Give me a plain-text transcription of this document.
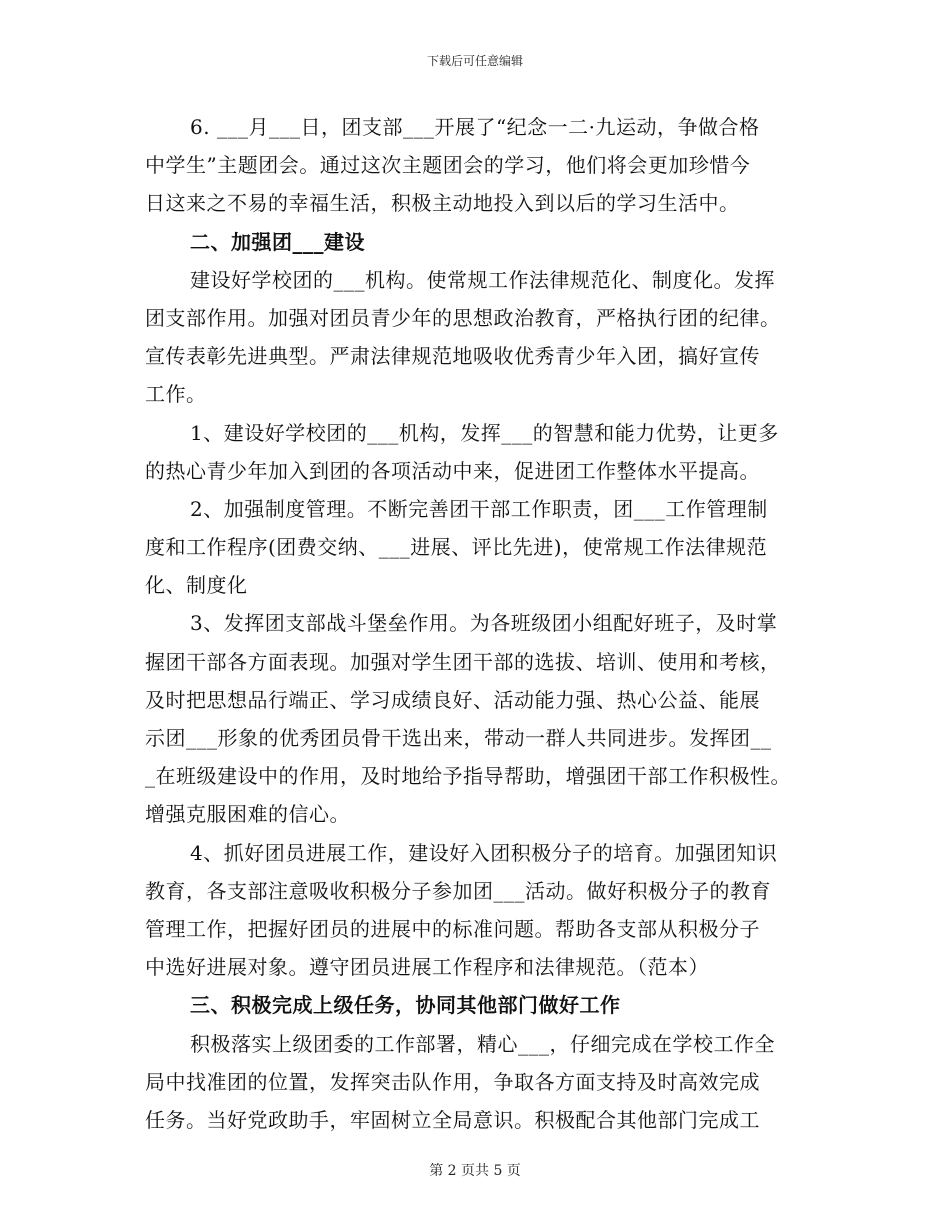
下载后可任意编辑
6. ___月___日，团支部___开展了“纪念一二·九运动，争做合格
中学生”主题团会。通过这次主题团会的学习，他们将会更加珍惜今
日这来之不易的幸福生活，积极主动地投入到以后的学习生活中。
二、加强团___建设
建设好学校团的___机构。使常规工作法律规范化、制度化。发挥
团支部作用。加强对团员青少年的思想政治教育，严格执行团的纪律。
宣传表彰先进典型。严肃法律规范地吸收优秀青少年入团，搞好宣传
工作。
1、建设好学校团的___机构，发挥___的智慧和能力优势，让更多
的热心青少年加入到团的各项活动中来，促进团工作整体水平提高。
2、加强制度管理。不断完善团干部工作职责，团___工作管理制
度和工作程序(团费交纳、___进展、评比先进)，使常规工作法律规范
化、制度化
3、发挥团支部战斗堡垒作用。为各班级团小组配好班子，及时掌
握团干部各方面表现。加强对学生团干部的选拔、培训、使用和考核，
及时把思想品行端正、学习成绩良好、活动能力强、热心公益、能展
示团___形象的优秀团员骨干选出来，带动一群人共同进步。发挥团__
_在班级建设中的作用，及时地给予指导帮助，增强团干部工作积极性。
增强克服困难的信心。
4、抓好团员进展工作，建设好入团积极分子的培育。加强团知识
教育，各支部注意吸收积极分子参加团___活动。做好积极分子的教育
管理工作，把握好团员的进展中的标准问题。帮助各支部从积极分子
中选好进展对象。遵守团员进展工作程序和法律规范。（范本）
三、积极完成上级任务，协同其他部门做好工作
积极落实上级团委的工作部署，精心___，仔细完成在学校工作全
局中找准团的位置，发挥突击队作用，争取各方面支持及时高效完成
任务。当好党政助手，牢固树立全局意识。积极配合其他部门完成工
第 2 页共 5 页
